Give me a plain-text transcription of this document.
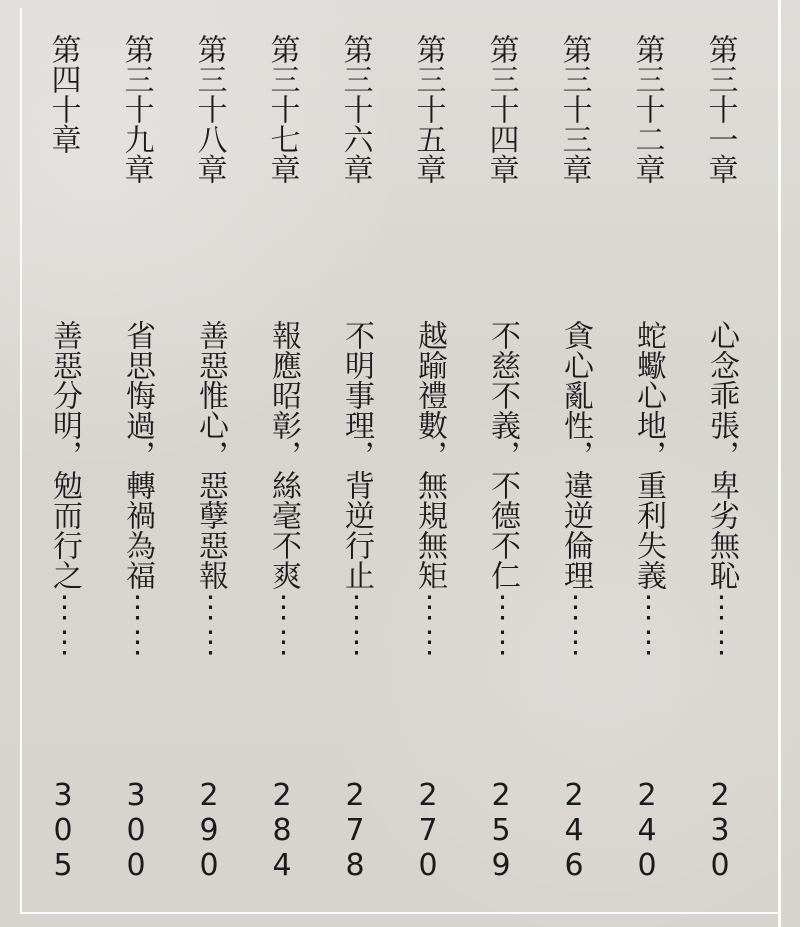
第四十章
善惡分明，勉而行之⋮⋮
305
第三十九章
省思悔過，轉禍為福⋮⋮
300
第三十八章
善惡惟心，惡孽惡報⋮⋮
290
第三十七章
報應昭彰，絲毫不爽⋮⋮
284
第三十六章
不明事理，背逆行止⋮⋮
278
第三十五章
越踰禮數，無規無矩⋮⋮
270
第三十四章
不慈不義，不德不仁⋮⋮
259
第三十三章
貪心亂性，違逆倫理⋮⋮
246
第三十二章
蛇蠍心地，重利失義⋮⋮
240
第三十一章
心念乖張，卑劣無恥⋮⋮
230
